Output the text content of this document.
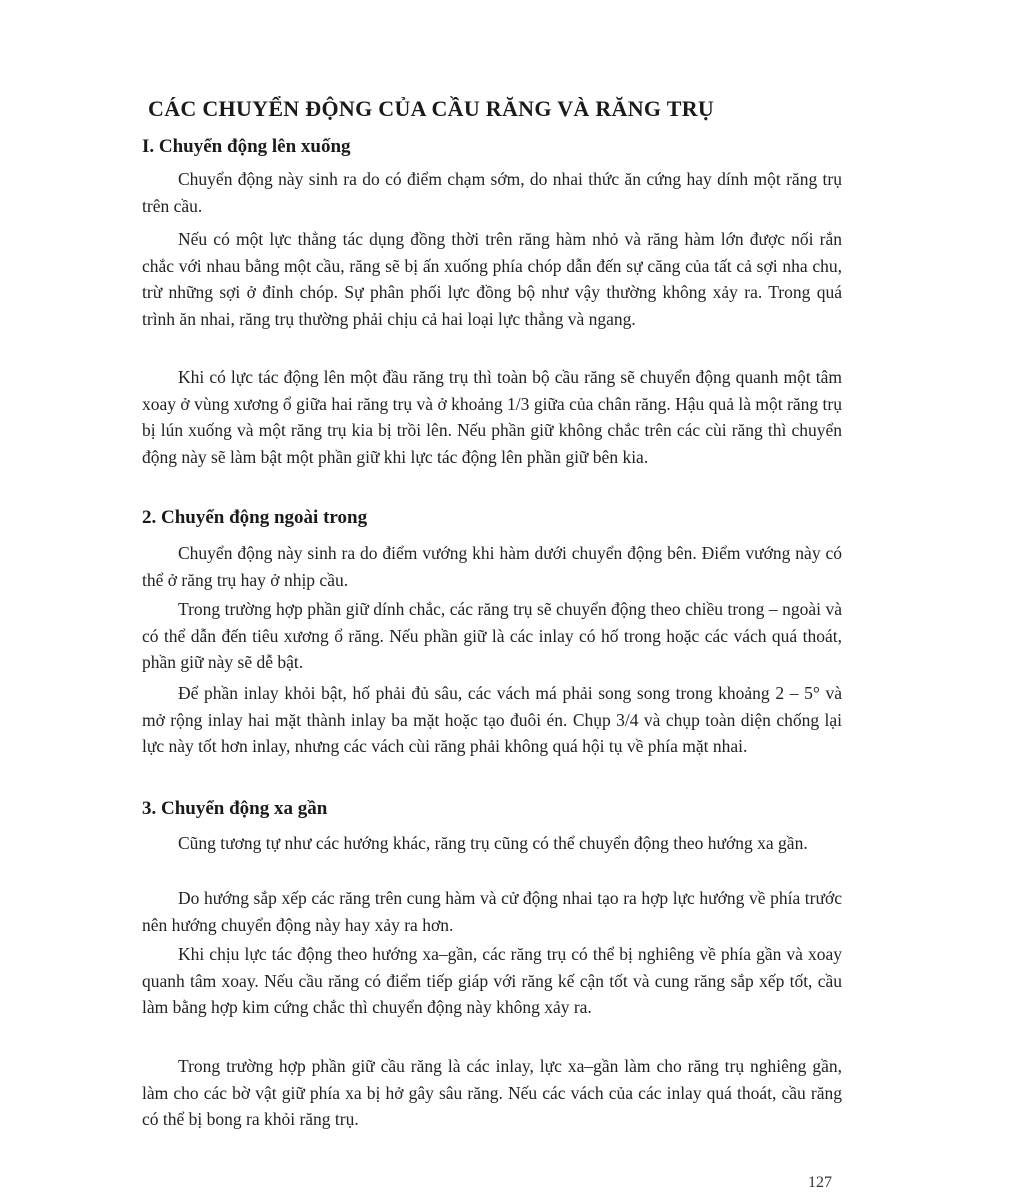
CÁC CHUYỂN ĐỘNG CỦA CẦU RĂNG VÀ RĂNG TRỤ
I. Chuyển động lên xuống

Chuyển động này sinh ra do có điểm chạm sớm, do nhai thức ăn cứng hay dính một răng trụ trên cầu.

Nếu có một lực thẳng tác dụng đồng thời trên răng hàm nhỏ và răng hàm lớn được nối rắn chắc với nhau bằng một cầu, răng sẽ bị ấn xuống phía chóp dẫn đến sự căng của tất cả sợi nha chu, trừ những sợi ở đỉnh chóp. Sự phân phối lực đồng bộ như vậy thường không xảy ra. Trong quá trình ăn nhai, răng trụ thường phải chịu cả hai loại lực thẳng và ngang.

Khi có lực tác động lên một đầu răng trụ thì toàn bộ cầu răng sẽ chuyển động quanh một tâm xoay ở vùng xương ổ giữa hai răng trụ và ở khoảng 1/3 giữa của chân răng. Hậu quả là một răng trụ bị lún xuống và một răng trụ kia bị trồi lên. Nếu phần giữ không chắc trên các cùi răng thì chuyển động này sẽ làm bật một phần giữ khi lực tác động lên phần giữ bên kia.

2. Chuyển động ngoài trong

Chuyển động này sinh ra do điểm vướng khi hàm dưới chuyển động bên. Điểm vướng này có thể ở răng trụ hay ở nhịp cầu.

Trong trường hợp phần giữ dính chắc, các răng trụ sẽ chuyển động theo chiều trong – ngoài và có thể dẫn đến tiêu xương ổ răng. Nếu phần giữ là các inlay có hố trong hoặc các vách quá thoát, phần giữ này sẽ dễ bật.

Để phần inlay khỏi bật, hố phải đủ sâu, các vách má phải song song trong khoảng 2 – 5° và mở rộng inlay hai mặt thành inlay ba mặt hoặc tạo đuôi én. Chụp 3/4 và chụp toàn diện chống lại lực này tốt hơn inlay, nhưng các vách cùi răng phải không quá hội tụ về phía mặt nhai.

3. Chuyển động xa gần

Cũng tương tự như các hướng khác, răng trụ cũng có thể chuyển động theo hướng xa gần.

Do hướng sắp xếp các răng trên cung hàm và cử động nhai tạo ra hợp lực hướng về phía trước nên hướng chuyển động này hay xảy ra hơn.

Khi chịu lực tác động theo hướng xa–gần, các răng trụ có thể bị nghiêng về phía gần và xoay quanh tâm xoay. Nếu cầu răng có điểm tiếp giáp với răng kế cận tốt và cung răng sắp xếp tốt, cầu làm bằng hợp kim cứng chắc thì chuyển động này không xảy ra.

Trong trường hợp phần giữ cầu răng là các inlay, lực xa–gần làm cho răng trụ nghiêng gần, làm cho các bờ vật giữ phía xa bị hở gây sâu răng. Nếu các vách của các inlay quá thoát, cầu răng có thể bị bong ra khỏi răng trụ.

127
